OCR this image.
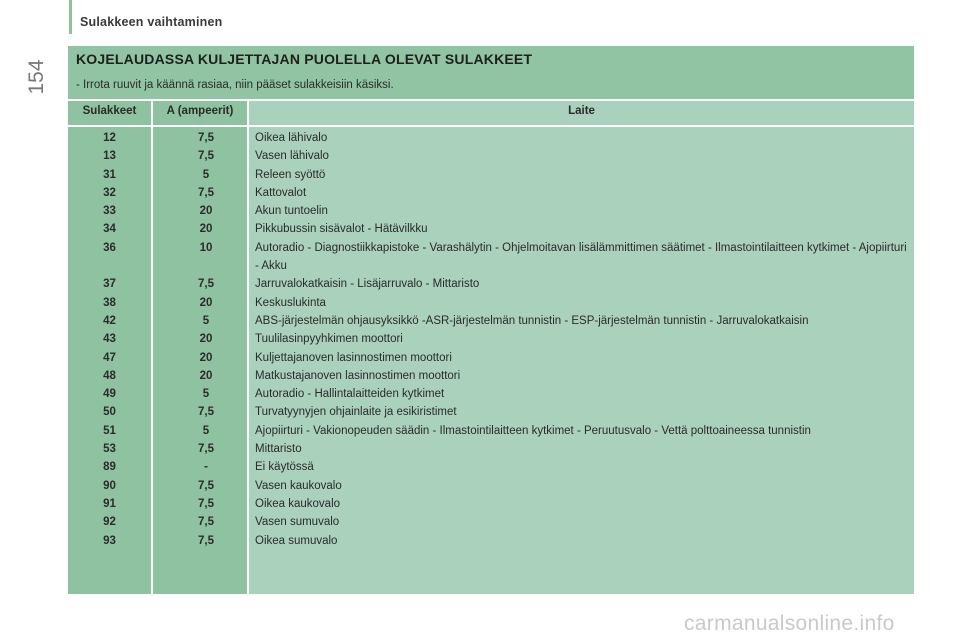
Sulakkeen vaihtaminen
154
KOJELAUDASSA KULJETTAJAN PUOLELLA OLEVAT SULAKKEET
- Irrota ruuvit ja käännä rasiaa, niin pääset sulakkeisiin käsiksi.
Sulakkeet	A (ampeerit)	Laite
12	7,5	Oikea lähivalo
13	7,5	Vasen lähivalo
31	5	Releen syöttö
32	7,5	Kattovalot
33	20	Akun tuntoelin
34	20	Pikkubussin sisävalot - Hätävilkku
36	10	Autoradio - Diagnostiikkapistoke - Varashälytin - Ohjelmoitavan lisälämmittimen säätimet - Ilmastointilaitteen kytkimet - Ajopiirturi - Akku
37	7,5	Jarruvalokatkaisin - Lisäjarruvalo - Mittaristo
38	20	Keskuslukinta
42	5	ABS-järjestelmän ohjausyksikkö -ASR-järjestelmän tunnistin - ESP-järjestelmän tunnistin - Jarruvalokatkaisin
43	20	Tuulilasinpyyhkimen moottori
47	20	Kuljettajanoven lasinnostimen moottori
48	20	Matkustajanoven lasinnostimen moottori
49	5	Autoradio - Hallintalaitteiden kytkimet
50	7,5	Turvatyynyjen ohjainlaite ja esikiristimet
51	5	Ajopiirturi - Vakionopeuden säädin - Ilmastointilaitteen kytkimet - Peruutusvalo - Vettä polttoaineessa tunnistin
53	7,5	Mittaristo
89	-	Ei käytössä
90	7,5	Vasen kaukovalo
91	7,5	Oikea kaukovalo
92	7,5	Vasen sumuvalo
93	7,5	Oikea sumuvalo
carmanualsonline.info
